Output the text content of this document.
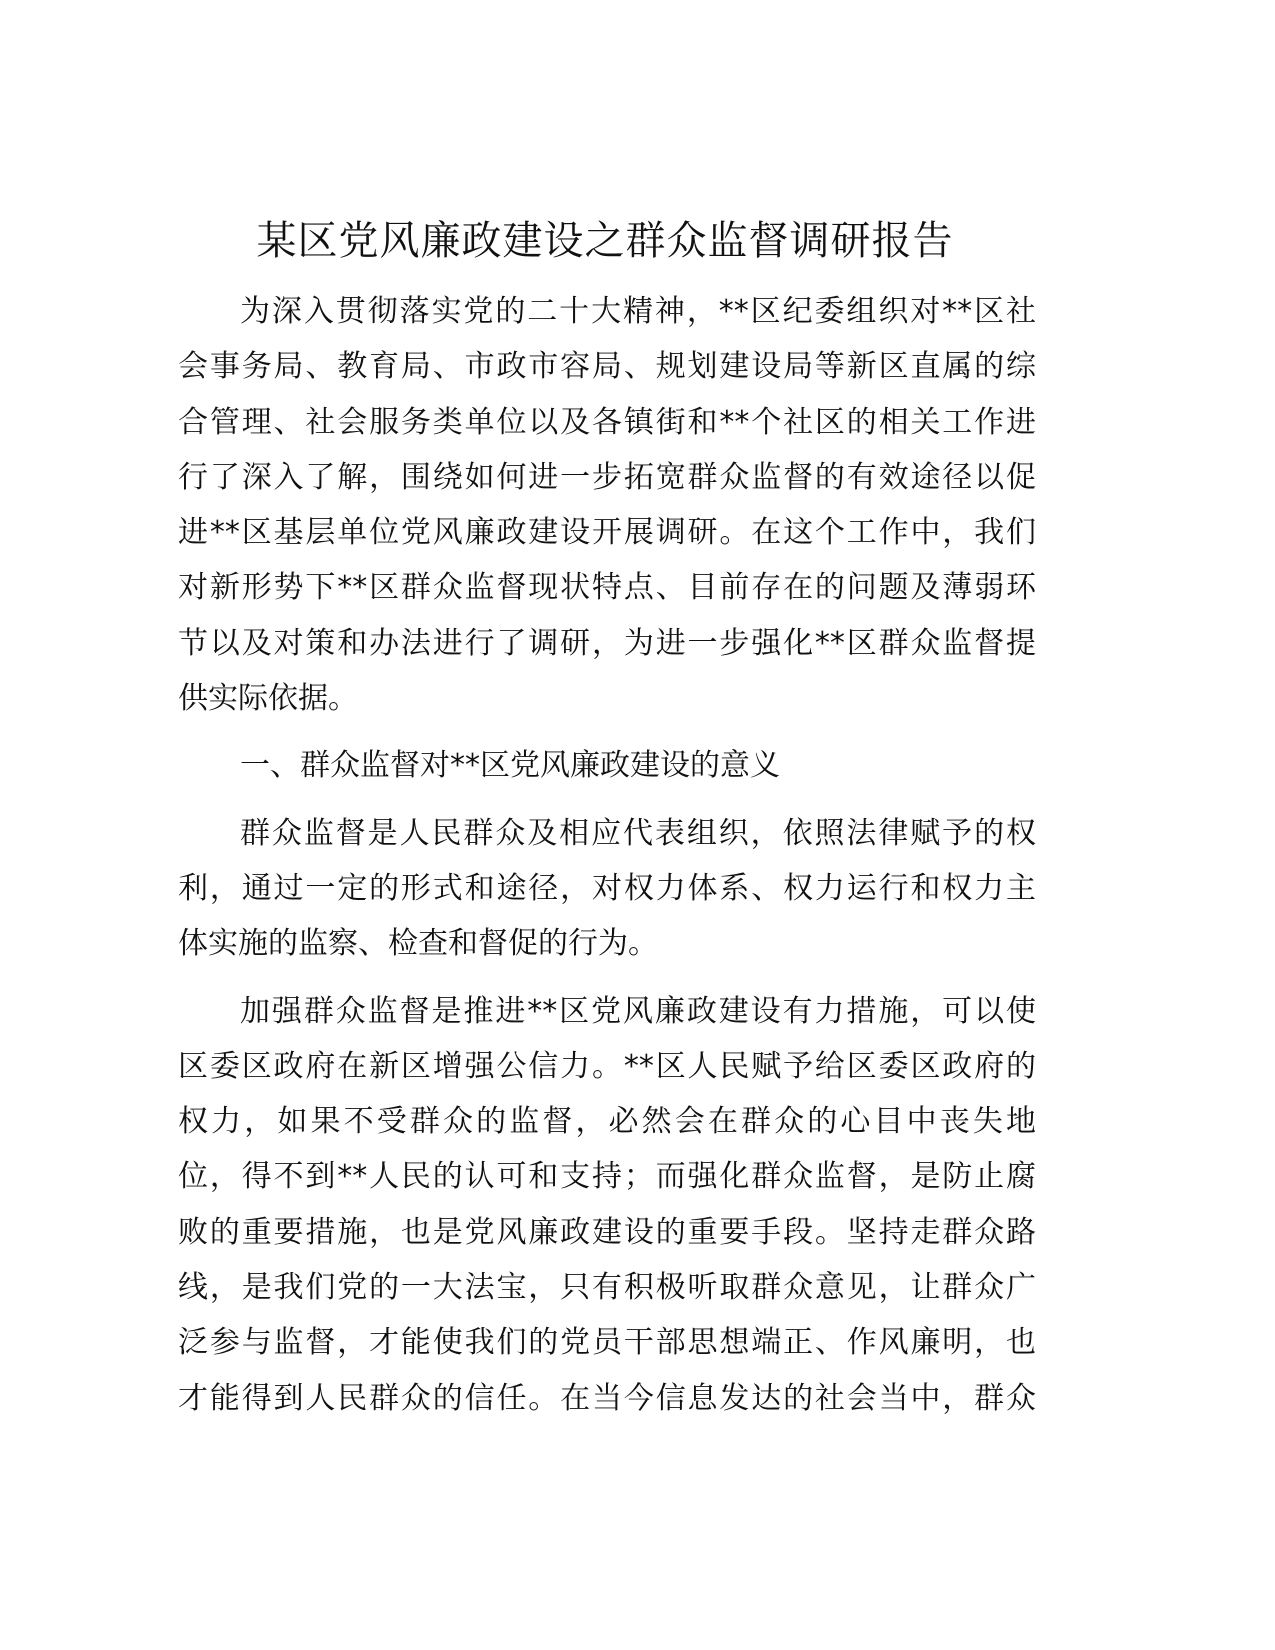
某区党风廉政建设之群众监督调研报告
为深入贯彻落实党的二十大精神，**区纪委组织对**区社
会事务局、教育局、市政市容局、规划建设局等新区直属的综
合管理、社会服务类单位以及各镇街和**个社区的相关工作进
行了深入了解，围绕如何进一步拓宽群众监督的有效途径以促
进**区基层单位党风廉政建设开展调研。在这个工作中，我们
对新形势下**区群众监督现状特点、目前存在的问题及薄弱环
节以及对策和办法进行了调研，为进一步强化**区群众监督提
供实际依据。
一、群众监督对**区党风廉政建设的意义
群众监督是人民群众及相应代表组织，依照法律赋予的权
利，通过一定的形式和途径，对权力体系、权力运行和权力主
体实施的监察、检查和督促的行为。
加强群众监督是推进**区党风廉政建设有力措施，可以使
区委区政府在新区增强公信力。**区人民赋予给区委区政府的
权力，如果不受群众的监督，必然会在群众的心目中丧失地
位，得不到**人民的认可和支持；而强化群众监督，是防止腐
败的重要措施，也是党风廉政建设的重要手段。坚持走群众路
线，是我们党的一大法宝，只有积极听取群众意见，让群众广
泛参与监督，才能使我们的党员干部思想端正、作风廉明，也
才能得到人民群众的信任。在当今信息发达的社会当中，群众
